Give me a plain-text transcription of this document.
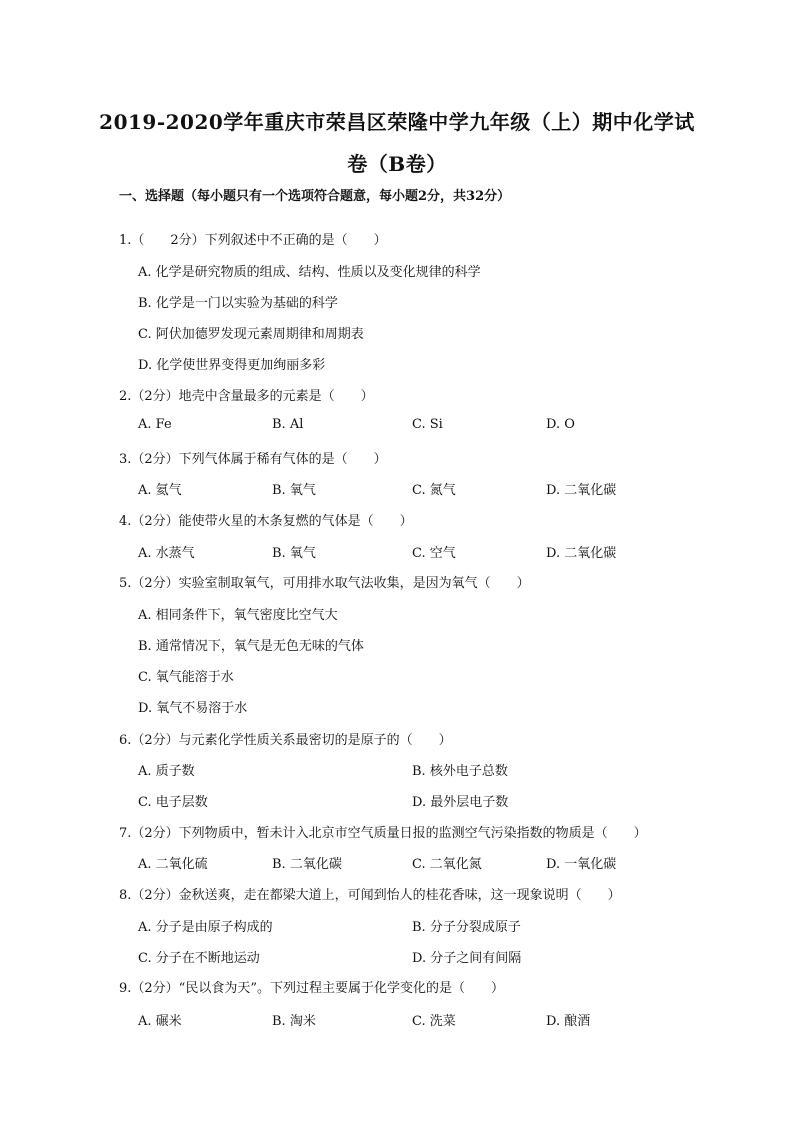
2019-2020学年重庆市荣昌区荣隆中学九年级（上）期中化学试
卷（B卷）
一、选择题（每小题只有一个选项符合题意，每小题2分，共32分）
1.（　　2分）下列叙述中不正确的是（　　）
A. 化学是研究物质的组成、结构、性质以及变化规律的科学
B. 化学是一门以实验为基础的科学
C. 阿伏加德罗发现元素周期律和周期表
D. 化学使世界变得更加绚丽多彩
2.（2分）地壳中含量最多的元素是（　　）
A. Fe	B. Al	C. Si	D. O
3.（2分）下列气体属于稀有气体的是（　　）
A. 氦气	B. 氧气	C. 氮气	D. 二氧化碳
4.（2分）能使带火星的木条复燃的气体是（　　）
A. 水蒸气	B. 氧气	C. 空气	D. 二氧化碳
5.（2分）实验室制取氧气，可用排水取气法收集，是因为氧气（　　）
A. 相同条件下，氧气密度比空气大
B. 通常情况下，氧气是无色无味的气体
C. 氧气能溶于水
D. 氧气不易溶于水
6.（2分）与元素化学性质关系最密切的是原子的（　　）
A. 质子数	B. 核外电子总数
C. 电子层数	D. 最外层电子数
7.（2分）下列物质中，暂未计入北京市空气质量日报的监测空气污染指数的物质是（　　）
A. 二氧化硫	B. 二氧化碳	C. 二氧化氮	D. 一氧化碳
8.（2分）金秋送爽，走在都梁大道上，可闻到怡人的桂花香味，这一现象说明（　　）
A. 分子是由原子构成的	B. 分子分裂成原子
C. 分子在不断地运动	D. 分子之间有间隔
9.（2分）“民以食为天”。下列过程主要属于化学变化的是（　　）
A. 碾米	B. 淘米	C. 洗菜	D. 酿酒
